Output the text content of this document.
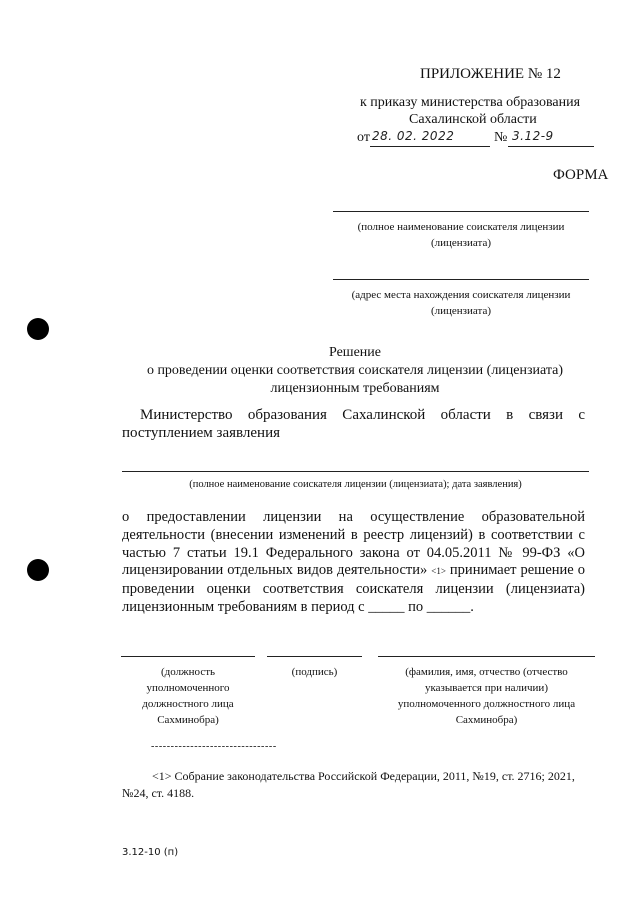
ПРИЛОЖЕНИЕ № 12
к приказу министерства образования
Сахалинской области
от 28. 02. 2022	№ 3.12-9
ФОРМА
(полное наименование соискателя лицензии
(лицензиата)
(адрес места нахождения соискателя лицензии
(лицензиата)
Решение
о проведении оценки соответствия соискателя лицензии (лицензиата)
лицензионным требованиям
Министерство образования Сахалинской области в связи с
поступлением заявления
(полное наименование соискателя лицензии (лицензиата); дата заявления)
о предоставлении лицензии на осуществление образовательной
деятельности (внесении изменений в реестр лицензий) в соответствии с
частью 7 статьи 19.1 Федерального закона от 04.05.2011 № 99-ФЗ «О
лицензировании отдельных видов деятельности» <1> принимает решение о
проведении оценки соответствия соискателя лицензии (лицензиата)
лицензионным требованиям в период с _____ по ______.
(должность
уполномоченного
должностного лица
Сахминобра)
(подпись)	(фамилия, имя, отчество (отчество
указывается при наличии)
уполномоченного должностного лица
Сахминобра)
--------------------------------
<1> Собрание законодательства Российской Федерации, 2011, №19, ст. 2716; 2021,
№24, ст. 4188.
3.12-10 (п)
